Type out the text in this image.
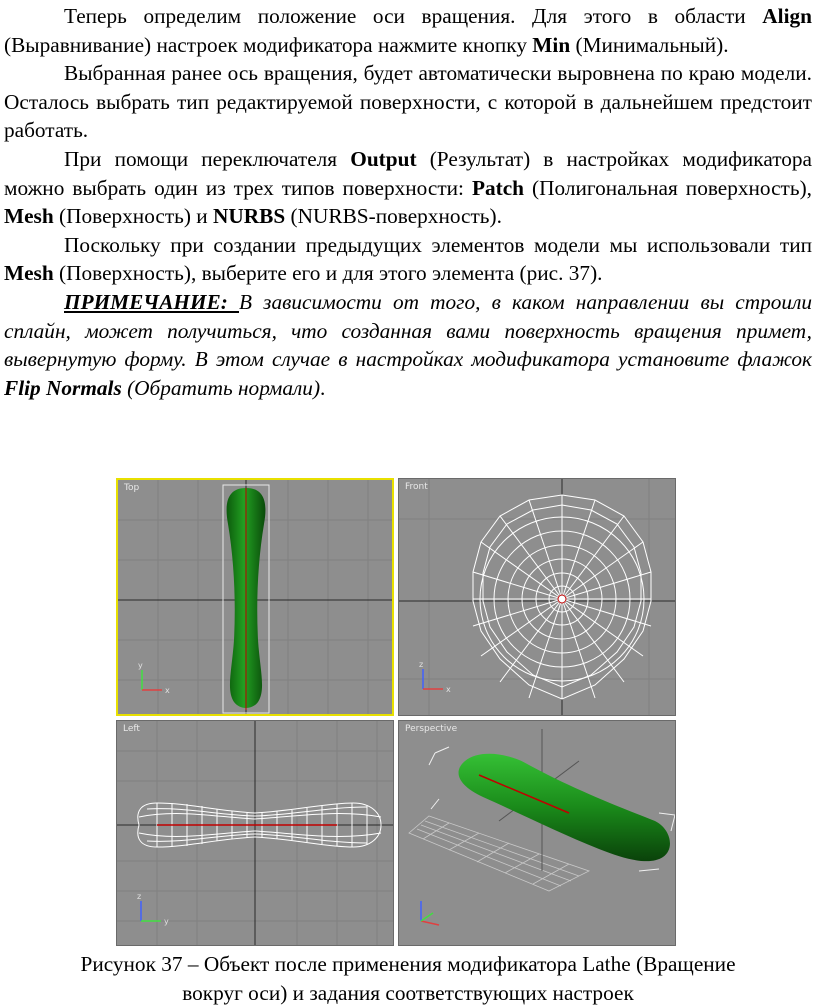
Теперь определим положение оси вращения. Для этого в области Align (Выравнивание) настроек модификатора нажмите кнопку Min (Минимальный).

Выбранная ранее ось вращения, будет автоматически выровнена по краю модели. Осталось выбрать тип редактируемой поверхности, с которой в дальнейшем предстоит работать.

При помощи переключателя Output (Результат) в настройках модификатора можно выбрать один из трех типов поверхности: Patch (Полигональная поверхность), Mesh (Поверхность) и NURBS (NURBS-поверхность).

Поскольку при создании предыдущих элементов модели мы использовали тип Mesh (Поверхность), выберите его и для этого элемента (рис. 37).

ПРИМЕЧАНИЕ: В зависимости от того, в каком направлении вы строили сплайн, может получиться, что созданная вами поверхность вращения примет, вывернутую форму. В этом случае в настройках модификатора установите флажок Flip Normals (Обратить нормали).

y
x
Top
z
x
Front
z
y
Left	Perspective
Рисунок 37 – Объект после применения модификатора Lathe (Вращение
вокруг оси) и задания соответствующих настроек
